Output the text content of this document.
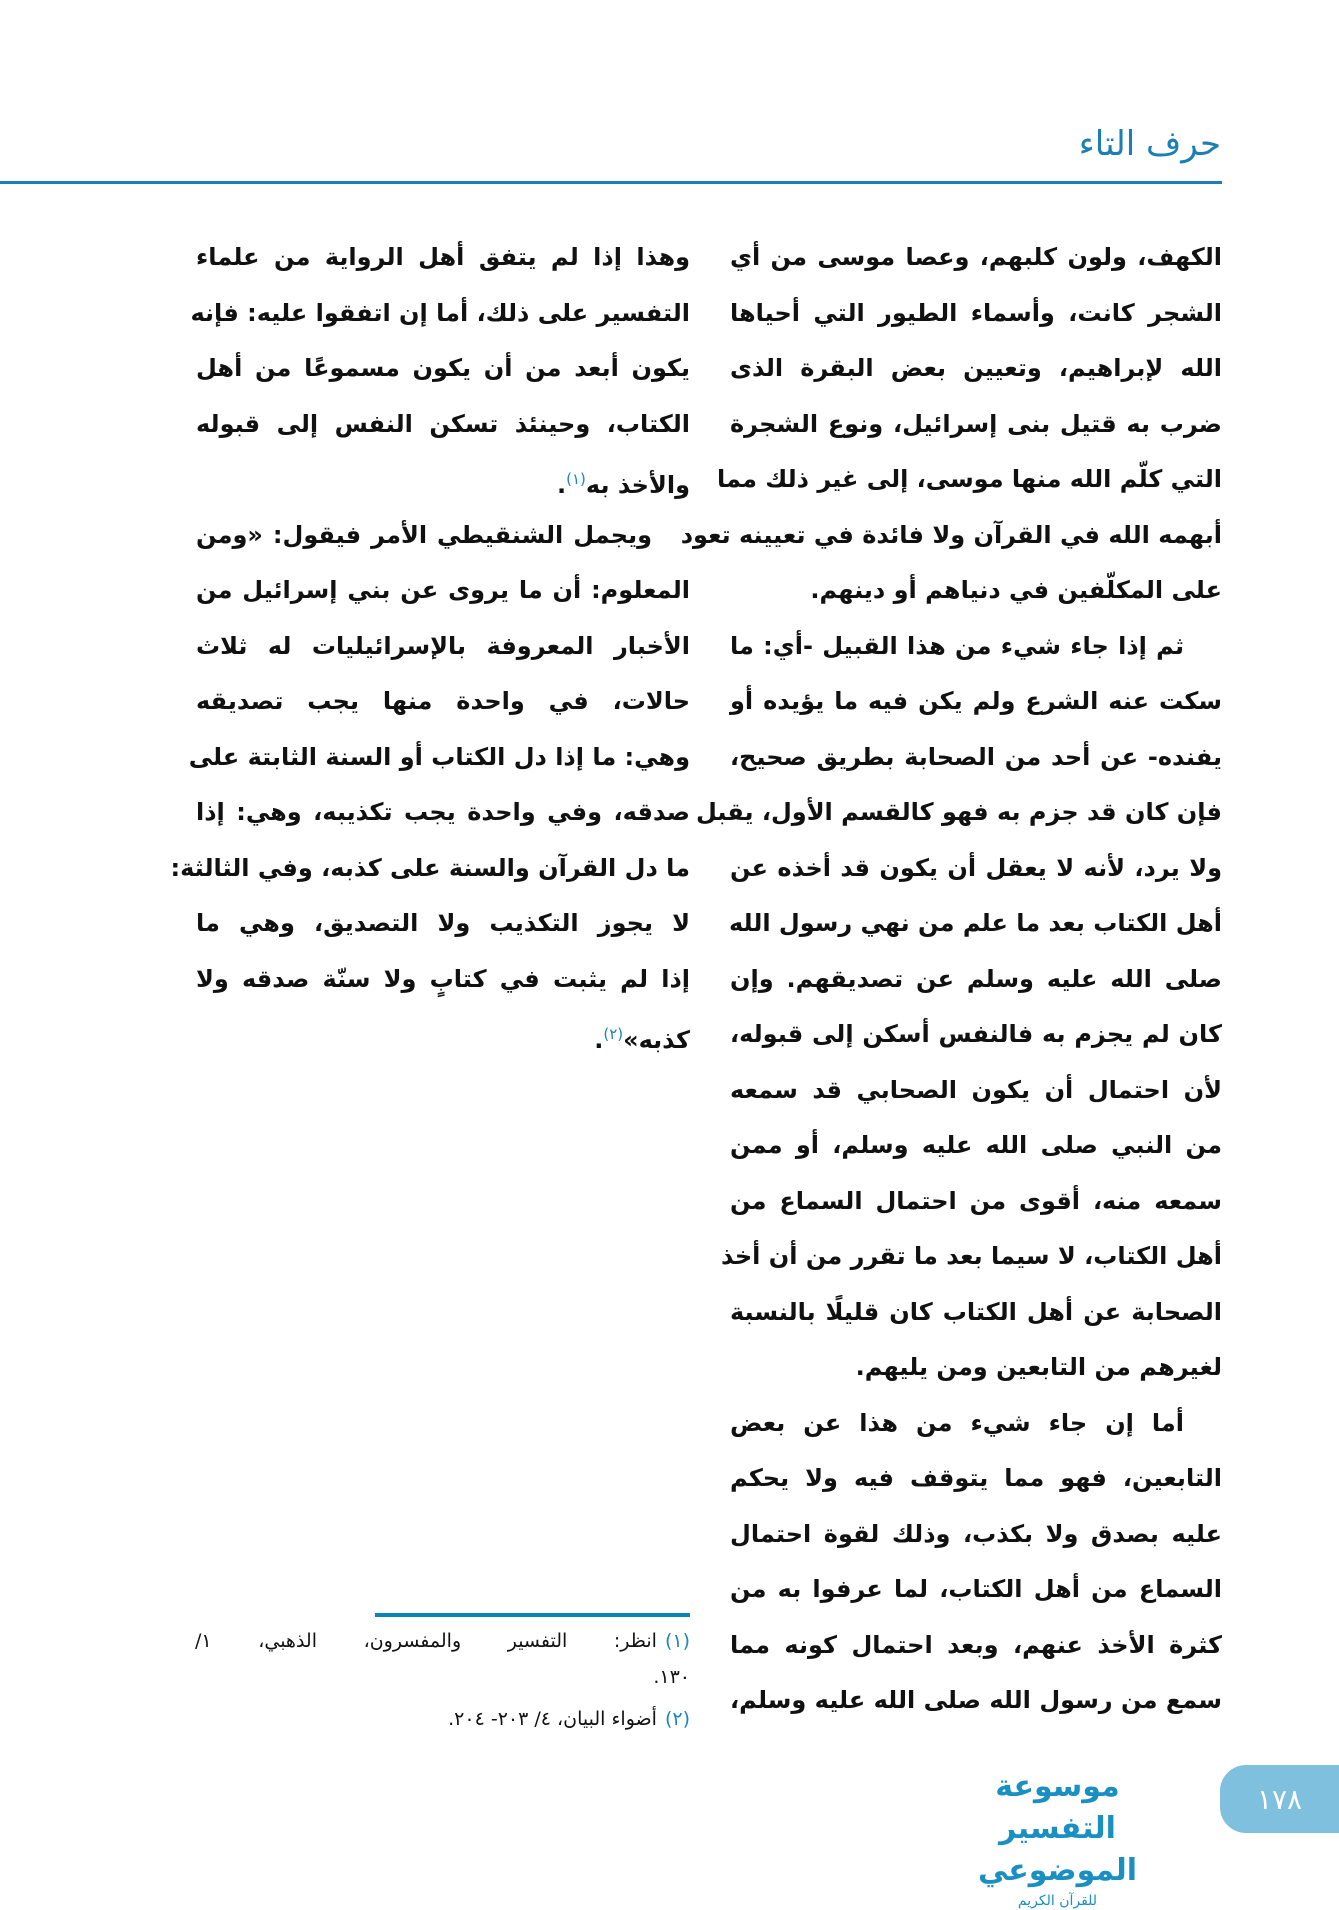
حرف التاء
الكهف، ولون كلبهم، وعصا موسى من أي
الشجر كانت، وأسماء الطيور التي أحياها
الله لإبراهيم، وتعيين بعض البقرة الذى
ضرب به قتيل بنى إسرائيل، ونوع الشجرة
التي كلّم الله منها موسى، إلى غير ذلك مما
أبهمه الله في القرآن ولا فائدة في تعيينه تعود
على المكلّفين في دنياهم أو دينهم.
ثم إذا جاء شيء من هذا القبيل -أي: ما
سكت عنه الشرع ولم يكن فيه ما يؤيده أو
يفنده- عن أحد من الصحابة بطريق صحيح،
فإن كان قد جزم به فهو كالقسم الأول، يقبل
ولا يرد، لأنه لا يعقل أن يكون قد أخذه عن
أهل الكتاب بعد ما علم من نهي رسول الله
صلى الله عليه وسلم عن تصديقهم. وإن
كان لم يجزم به فالنفس أسكن إلى قبوله،
لأن احتمال أن يكون الصحابي قد سمعه
من النبي صلى الله عليه وسلم، أو ممن
سمعه منه، أقوى من احتمال السماع من
أهل الكتاب، لا سيما بعد ما تقرر من أن أخذ
الصحابة عن أهل الكتاب كان قليلًا بالنسبة
لغيرهم من التابعين ومن يليهم.
أما إن جاء شيء من هذا عن بعض
التابعين، فهو مما يتوقف فيه ولا يحكم
عليه بصدق ولا بكذب، وذلك لقوة احتمال
السماع من أهل الكتاب، لما عرفوا به من
كثرة الأخذ عنهم، وبعد احتمال كونه مما
سمع من رسول الله صلى الله عليه وسلم،
وهذا إذا لم يتفق أهل الرواية من علماء
التفسير على ذلك، أما إن اتفقوا عليه: فإنه
يكون أبعد من أن يكون مسموعًا من أهل
الكتاب، وحينئذ تسكن النفس إلى قبوله
والأخذ به$^{(١)}$.
ويجمل الشنقيطي الأمر فيقول: «ومن
المعلوم: أن ما يروى عن بني إسرائيل من
الأخبار المعروفة بالإسرائيليات له ثلاث
حالات، في واحدة منها يجب تصديقه
وهي: ما إذا دل الكتاب أو السنة الثابتة على
صدقه، وفي واحدة يجب تكذيبه، وهي: إذا
ما دل القرآن والسنة على كذبه، وفي الثالثة:
لا يجوز التكذيب ولا التصديق، وهي ما
إذا لم يثبت في كتابٍ ولا سنّة صدقه ولا
كذبه»$^{(٢)}$.
(١)انظر: التفسير والمفسرون، الذهبي، ١/
١٣٠.
(٢)أضواء البيان، ٤/ ٢٠٣- ٢٠٤.
موسوعة التفسير الموضوعي
للقرآن الكريم
١٧٨
